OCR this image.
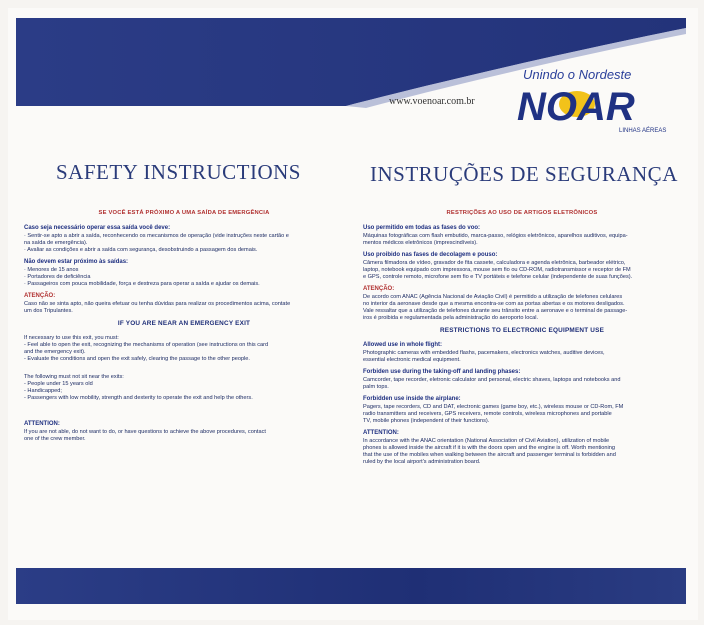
Unindo o Nordeste
NOAR
LINHAS AÉREAS
www.voenoar.com.br
SAFETY INSTRUCTIONS	INSTRUÇÕES DE SEGURANÇA

SE VOCÊ ESTÁ PRÓXIMO A UMA SAÍDA DE EMERGÊNCIA

Caso seja necessário operar essa saída você deve:

· Sentir-se apto a abrir a saída, reconhecendo os mecanismos de operação (vide instruções neste cartão e

na saída de emergência).

· Avaliar as condições e abrir a saída com segurança, desobstruindo a passagem dos demais.

Não devem estar próximo às saídas:

· Menores de 15 anos

· Portadores de deficiência

· Passageiros com pouca mobilidade, força e destreza para operar a saída e ajudar os demais.

ATENÇÃO:

Caso não se sinta apto, não queira efetuar ou tenha dúvidas para realizar os procedimentos acima, contate

um dos Tripulantes.

IF YOU ARE NEAR AN EMERGENCY EXIT

If necessary to use this exit, you must:

- Feel able to open the exit, recognizing the mechanisms of operation (see instructions on this card

and the emergency exit).

- Evaluate the conditions and open the exit safely, clearing the passage to the other people.

The following must not sit near the exits:

- People under 15 years old

- Handicapped;

- Passengers with low mobility, strength and dexterity to operate the exit and help the others.

ATTENTION:

If you are not able, do not want to do, or have questions to achieve the above procedures, contact

one of the crew member.

RESTRIÇÕES AO USO DE ARTIGOS ELETRÔNICOS

Uso permitido em todas as fases do voo:

Máquinas fotográficas com flash embutido, marca-passo, relógios eletrônicos, aparelhos auditivos, equipa-

mentos médicos eletrônicos (imprescindíveis).

Uso proibido nas fases de decolagem e pouso:

Câmera filmadora de vídeo, gravador de fita cassete, calculadora e agenda eletrônica, barbeador elétrico,

laptop, notebook equipado com impressora, mouse sem fio ou CD-ROM, radiotransmissor e receptor de FM

e GPS, controle remoto, microfone sem fio e TV portáteis e telefone celular (independente de suas funções).

ATENÇÃO:

De acordo com ANAC (Agência Nacional de Aviação Civil) é permitido a utilização de telefones celulares

no interior da aeronave desde que a mesma encontra-se com as portas abertas e os motores desligados.

Vale ressaltar que a utilização de telefones durante seu trânsito entre a aeronave e o terminal de passage-

iros é proibida e regulamentada pela administração do aeroporto local.

RESTRICTIONS TO ELECTRONIC EQUIPMENT USE

Allowed use in whole flight:

Photographic cameras with embedded flashs, pacemakers, electronics watches, auditive devices,

essential electronic medical equipment.

Forbiden use during the taking-off and landing phases:

Camcorder, tape recorder, eletronic calculator and personal, electric shaves, laptops and notebooks and

palm tops.

Forbidden use inside the airplane:

Pagers, tape recorders, CD and DAT, electronic games (game boy, etc.), wireless mouse or CD-Rom, FM

radio transmitters and receivers, GPS receivers, remote controls, wireless microphones and portable

TV, mobile phones (independent of their functions).

ATTENTION:

In accordance with the ANAC orientation (National Association of Civil Aviation), utilization of mobile

phones is allowed inside the aircraft if it is with the doors open and the engine is off. Worth mentioning

that the use of the mobiles when walking between the aircraft and passenger terminal is forbidden and

ruled by the local airport's administration board.
